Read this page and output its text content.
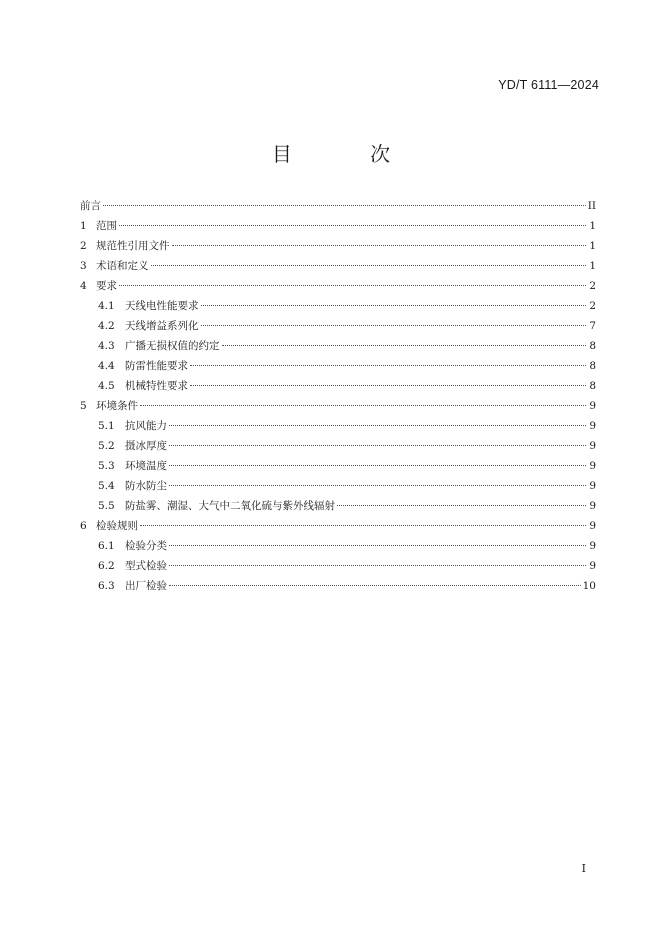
YD/T 6111—2024
目 次
前言	II
1 范围	1
2 规范性引用文件	1
3 术语和定义	1
4 要求	2
4.1 天线电性能要求	2
4.2 天线增益系列化	7
4.3 广播无损权值的约定	8
4.4 防雷性能要求	8
4.5 机械特性要求	8
5 环境条件	9
5.1 抗风能力	9
5.2 摄冰厚度	9
5.3 环境温度	9
5.4 防水防尘	9
5.5 防盐雾、潮湿、大气中二氧化硫与紫外线辐射	9
6 检验规则	9
6.1 检验分类	9
6.2 型式检验	9
6.3 出厂检验	10
I
